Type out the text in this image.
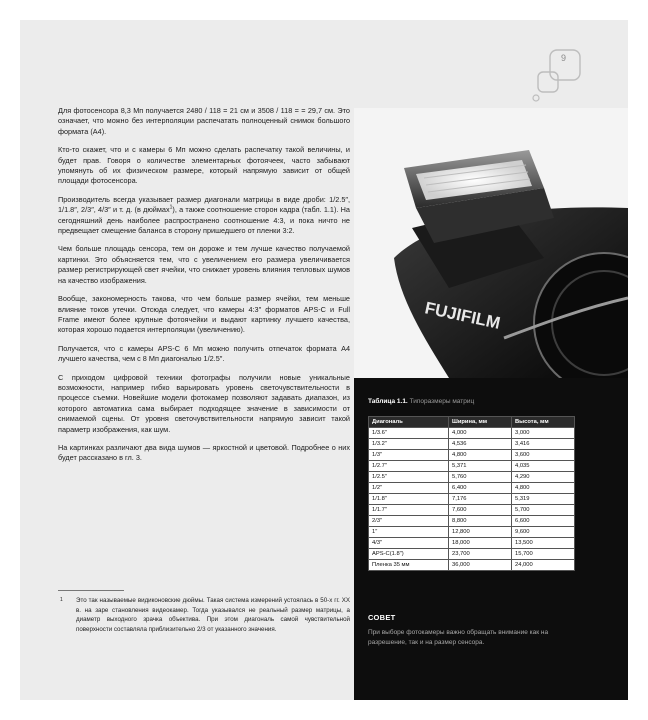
9

Для фотосенсора 8,3 Мп получается 2480 / 118 = 21 см и 3508 / 118 = = 29,7 см. Это означает, что можно без интерполяции распечатать полноценный снимок большого формата (А4).

Кто-то скажет, что и с камеры 6 Мп можно сделать распечатку такой величины, и будет прав. Говоря о количестве элементарных фотоячеек, часто забывают упомянуть об их физическом размере, который напрямую зависит от общей площади фотосенсора.

Производитель всегда указывает размер диагонали матрицы в виде дроби: 1/2.5″, 1/1.8″, 2/3″, 4/3″ и т. д. (в дюймах$^1$), а также соотношение сторон кадра (табл. 1.1). На сегодняшний день наиболее распространено соотношение 4:3, и пока ничто не предвещает смещение баланса в сторону пришедшего от пленки 3:2.

Чем больше площадь сенсора, тем он дороже и тем лучше качество получаемой картинки. Это объясняется тем, что с увеличением его размера увеличивается размер регистрирующей свет ячейки, что снижает уровень влияния тепловых шумов на качество изображения.

Вообще, закономерность такова, что чем больше размер ячейки, тем меньше влияние токов утечки. Отсюда следует, что камеры 4:3″ форматов APS-C и Full Frame имеют более крупные фотоячейки и выдают картинку лучшего качества, которая хорошо подается интерполяции (увеличению).

Получается, что с камеры APS-C 6 Мп можно получить отпечаток формата А4 лучшего качества, чем с 8 Мп диагональю 1/2.5″.

С приходом цифровой техники фотографы получили новые уникальные возможности, например гибко варьировать уровень светочувствительности в процессе съемки. Новейшие модели фотокамер позволяют задавать диапазон, из которого автоматика сама выбирает подходящее значение в зависимости от снимаемой сцены. От уровня светочувствительности напрямую зависит такой параметр изображения, как шум.

На картинках различают два вида шумов — яркостной и цветовой. Подробнее о них будет рассказано в гл. 3.

1 Это так называемые видиконовские дюймы. Такая система измерений устоялась в 50-х гг. XX в. на заре становления видеокамер. Тогда указывался не реальный размер матрицы, а диаметр выходного зрачка объектива. При этом диагональ самой чувствительной поверхности составляла приблизительно 2/3 от указанного значения.
FUJIFILM
Таблица 1.1. Типоразмеры матриц
Диагональ	Ширина, мм	Высота, мм
1/3.6″	4,000	3,000
1/3.2″	4,536	3,416
1/3″	4,800	3,600
1/2.7″	5,371	4,035
1/2.5″	5,760	4,290
1/2″	6,400	4,800
1/1.8″	7,176	5,319
1/1.7″	7,600	5,700
2/3″	8,800	6,600
1″	12,800	9,600
4/3″	18,000	13,500
APS-C(1.8″)	23,700	15,700
Пленка 35 мм	36,000	24,000
СОВЕТ
При выборе фотокамеры важно обращать внимание как на разрешение, так и на размер сенсора.
